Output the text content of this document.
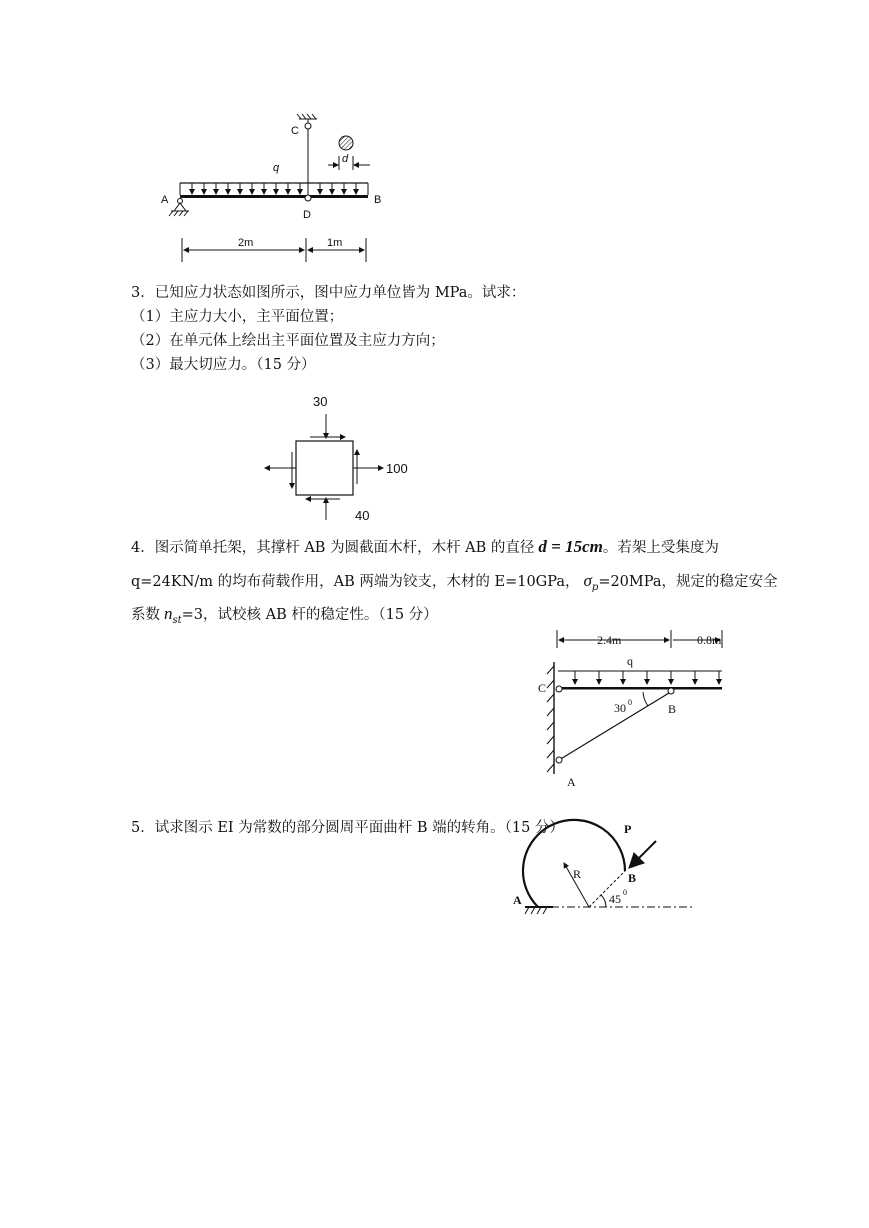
C
d
q
A	B
D
2m	1m
3．已知应力状态如图所示，图中应力单位皆为 MPa。试求：
（1）主应力大小，主平面位置；
（2）在单元体上绘出主平面位置及主应力方向；
（3）最大切应力。（15 分）
30
100
40
4．图示简单托架，其撑杆 AB 为圆截面木杆，木杆 AB 的直径 d = 15cm。若架上受集度为
q=24KN/m 的均布荷载作用，AB 两端为铰支，木材的 E=10GPa， $\sigma_p=20MPa$，规定的稳定安全
系数 $n_{st}=3$，试校核 AB 杆的稳定性。（15 分）
2.4m	0.8m
q
C
30 0	B
A
5．试求图示 EI 为常数的部分圆周平面曲杆 B 端的转角。（15 分）	P
R	B
A	45 0
